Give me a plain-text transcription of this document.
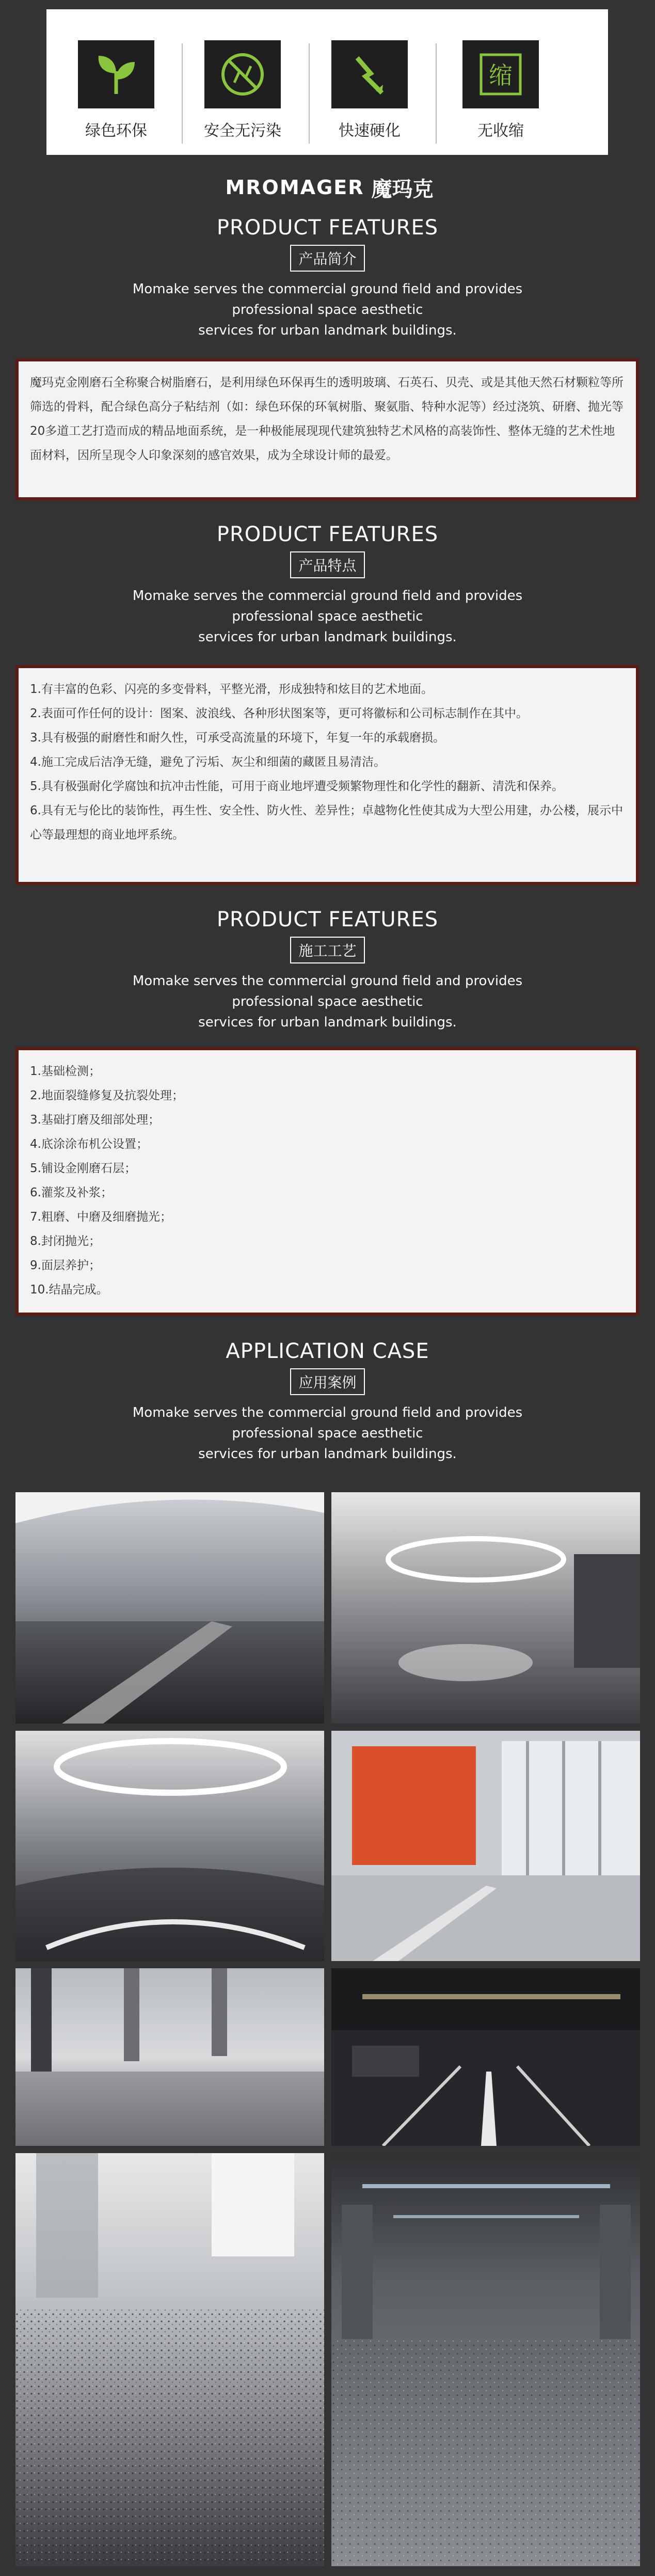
绿色环保	安全无污染	快速硬化
缩
无收缩
MROMAGER 魔玛克
PRODUCT FEATURES
产品简介
Momake serves the commercial ground field and provides
professional space aesthetic
services for urban landmark buildings.

魔玛克金刚磨石全称聚合树脂磨石，是利用绿色环保再生的透明玻璃、石英石、贝壳、或是其他天然石材颗粒等所筛选的骨料，配合绿色高分子粘结剂（如：绿色环保的环氧树脂、聚氨脂、特种水泥等）经过浇筑、研磨、抛光等20多道工艺打造而成的精品地面系统，是一种极能展现现代建筑独特艺术风格的高装饰性、整体无缝的艺术性地面材料，因所呈现令人印象深刻的感官效果，成为全球设计师的最爱。

PRODUCT FEATURES
产品特点
Momake serves the commercial ground field and provides
professional space aesthetic
services for urban landmark buildings.
1.有丰富的色彩、闪亮的多变骨料，平整光滑，形成独特和炫目的艺术地面。
2.表面可作任何的设计：图案、波浪线、各种形状图案等，更可将徽标和公司标志制作在其中。
3.具有极强的耐磨性和耐久性，可承受高流量的环境下，年复一年的承载磨损。
4.施工完成后洁净无缝，避免了污垢、灰尘和细菌的藏匿且易清洁。
5.具有极强耐化学腐蚀和抗冲击性能，可用于商业地坪遭受频繁物理性和化学性的翻新、清洗和保养。
6.具有无与伦比的装饰性，再生性、安全性、防火性、差异性；卓越物化性使其成为大型公用建，办公楼，展示中心等最理想的商业地坪系统。
PRODUCT FEATURES
施工工艺
Momake serves the commercial ground field and provides
professional space aesthetic
services for urban landmark buildings.
1.基础检测；
2.地面裂缝修复及抗裂处理；
3.基础打磨及细部处理；
4.底涂涂布机公设置；
5.铺设金刚磨石层；
6.灌浆及补浆；
7.粗磨、中磨及细磨抛光；
8.封闭抛光；
9.面层养护；
10.结晶完成。
APPLICATION CASE
应用案例
Momake serves the commercial ground field and provides
professional space aesthetic
services for urban landmark buildings.
